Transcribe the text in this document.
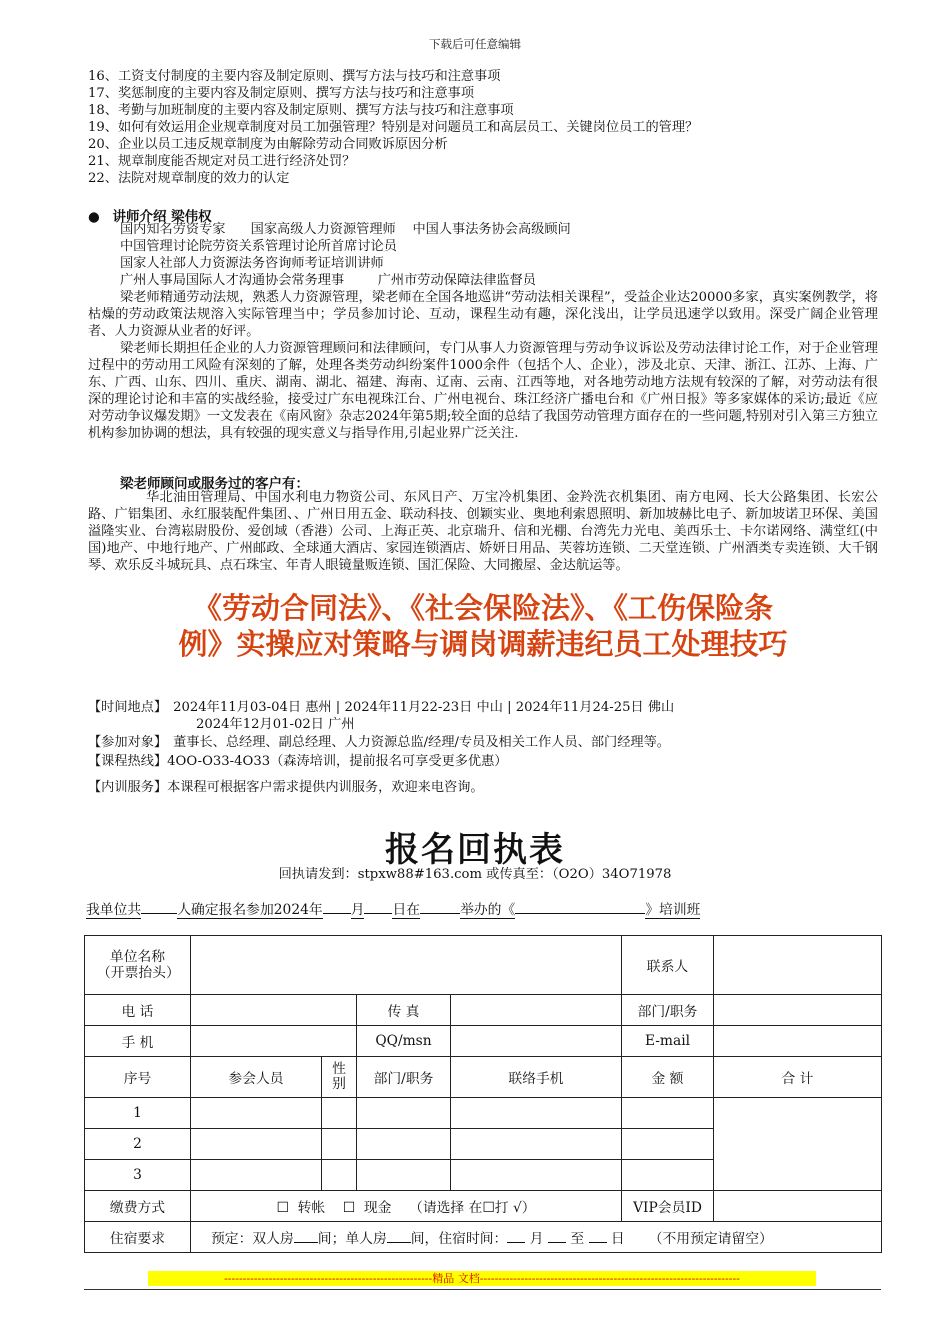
下载后可任意编辑
16、工资支付制度的主要内容及制定原则、撰写方法与技巧和注意事项
17、奖惩制度的主要内容及制定原则、撰写方法与技巧和注意事项
18、考勤与加班制度的主要内容及制定原则、撰写方法与技巧和注意事项
19、如何有效运用企业规章制度对员工加强管理？特别是对问题员工和高层员工、关键岗位员工的管理？
20、企业以员工违反规章制度为由解除劳动合同败诉原因分析
21、规章制度能否规定对员工进行经济处罚？
22、法院对规章制度的效力的认定
● 讲师介绍 梁伟权
国内知名劳资专家      国家高级人力资源管理师    中国人事法务协会高级顾问
中国管理讨论院劳资关系管理讨论所首席讨论员
国家人社部人力资源法务咨询师考证培训讲师
广州人事局国际人才沟通协会常务理事        广州市劳动保障法律监督员
梁老师精通劳动法规，熟悉人力资源管理，梁老师在全国各地巡讲“劳动法相关课程”，受益企业达20000多家，真实案例教学，将枯燥的劳动政策法规溶入实际管理当中；学员参加讨论、互动，课程生动有趣，深化浅出，让学员迅速学以致用。深受广阔企业管理者、人力资源从业者的好评。
梁老师长期担任企业的人力资源管理顾问和法律顾问，专门从事人力资源管理与劳动争议诉讼及劳动法律讨论工作，对于企业管理过程中的劳动用工风险有深刻的了解，处理各类劳动纠纷案件1000余件（包括个人、企业），涉及北京、天津、浙江、江苏、上海、广东、广西、山东、四川、重庆、湖南、湖北、福建、海南、辽南、云南、江西等地，对各地劳动地方法规有较深的了解，对劳动法有很深的理论讨论和丰富的实战经验，接受过广东电视珠江台、广州电视台、珠江经济广播电台和《广州日报》等多家媒体的采访;最近《应对劳动争议爆发期》一文发表在《南风窗》杂志2024年第5期;较全面的总结了我国劳动管理方面存在的一些问题,特别对引入第三方独立机构参加协调的想法，具有较强的现实意义与指导作用,引起业界广泛关注.
梁老师顾问或服务过的客户有：
华北油田管理局、中国水利电力物资公司、东风日产、万宝冷机集团、金羚洗衣机集团、南方电网、长大公路集团、长宏公路、广铝集团、永红服装配件集团、、广州日用五金、联动科技、创颖实业、奥地利索恩照明、新加坡赫比电子、新加坡诺卫环保、美国溢隆实业、台湾崧尉股份、爱创域（香港）公司、上海正英、北京瑞升、信和光棚、台湾先力光电、美西乐士、卡尔诺网络、满堂红(中国)地产、中地行地产、广州邮政、全球通大酒店、家园连锁酒店、娇妍日用品、芙蓉坊连锁、二天堂连锁、广州酒类专卖连锁、大千钢琴、欢乐反斗城玩具、点石珠宝、年青人眼镜量贩连锁、国汇保险、大同搬屋、金达航运等。
《劳动合同法》、《社会保险法》、《工伤保险条
例》实操应对策略与调岗调薪违纪员工处理技巧
【时间地点】 2024年11月03-04日 惠州 | 2024年11月22-23日 中山 | 2024年11月24-25日 佛山
2024年12月01-02日 广州
【参加对象】 董事长、总经理、副总经理、人力资源总监/经理/专员及相关工作人员、部门经理等。
【课程热线】4OO-O33-4O33（森涛培训，提前报名可享受更多优惠）
【内训服务】本课程可根据客户需求提供内训服务，欢迎来电咨询。
报名回执表
回执请发到：stpxw88#163.com 或传真至：（O2O）34O71978
我单位共	人确定报名参加2024年 月 日在	举办的《	》培训班
单位名称（开票抬头）					联系人	
电 话			传 真		部门/职务	
手 机			QQ/msn		E-mail	
序号	参会人员	性别	部门/职务	联络手机	金 额	合 计
1						
2						
3						
缴费方式	☐  转帐    ☐  现金    （请选择 在☐打 √）				VIP会员ID	
住宿要求	预定：双人房 间；单人房 间，住宿时间： 月 至 日 （不用预定请留空）					
--------------------------------------------------------精品 文档----------------------------------------------------------------------
